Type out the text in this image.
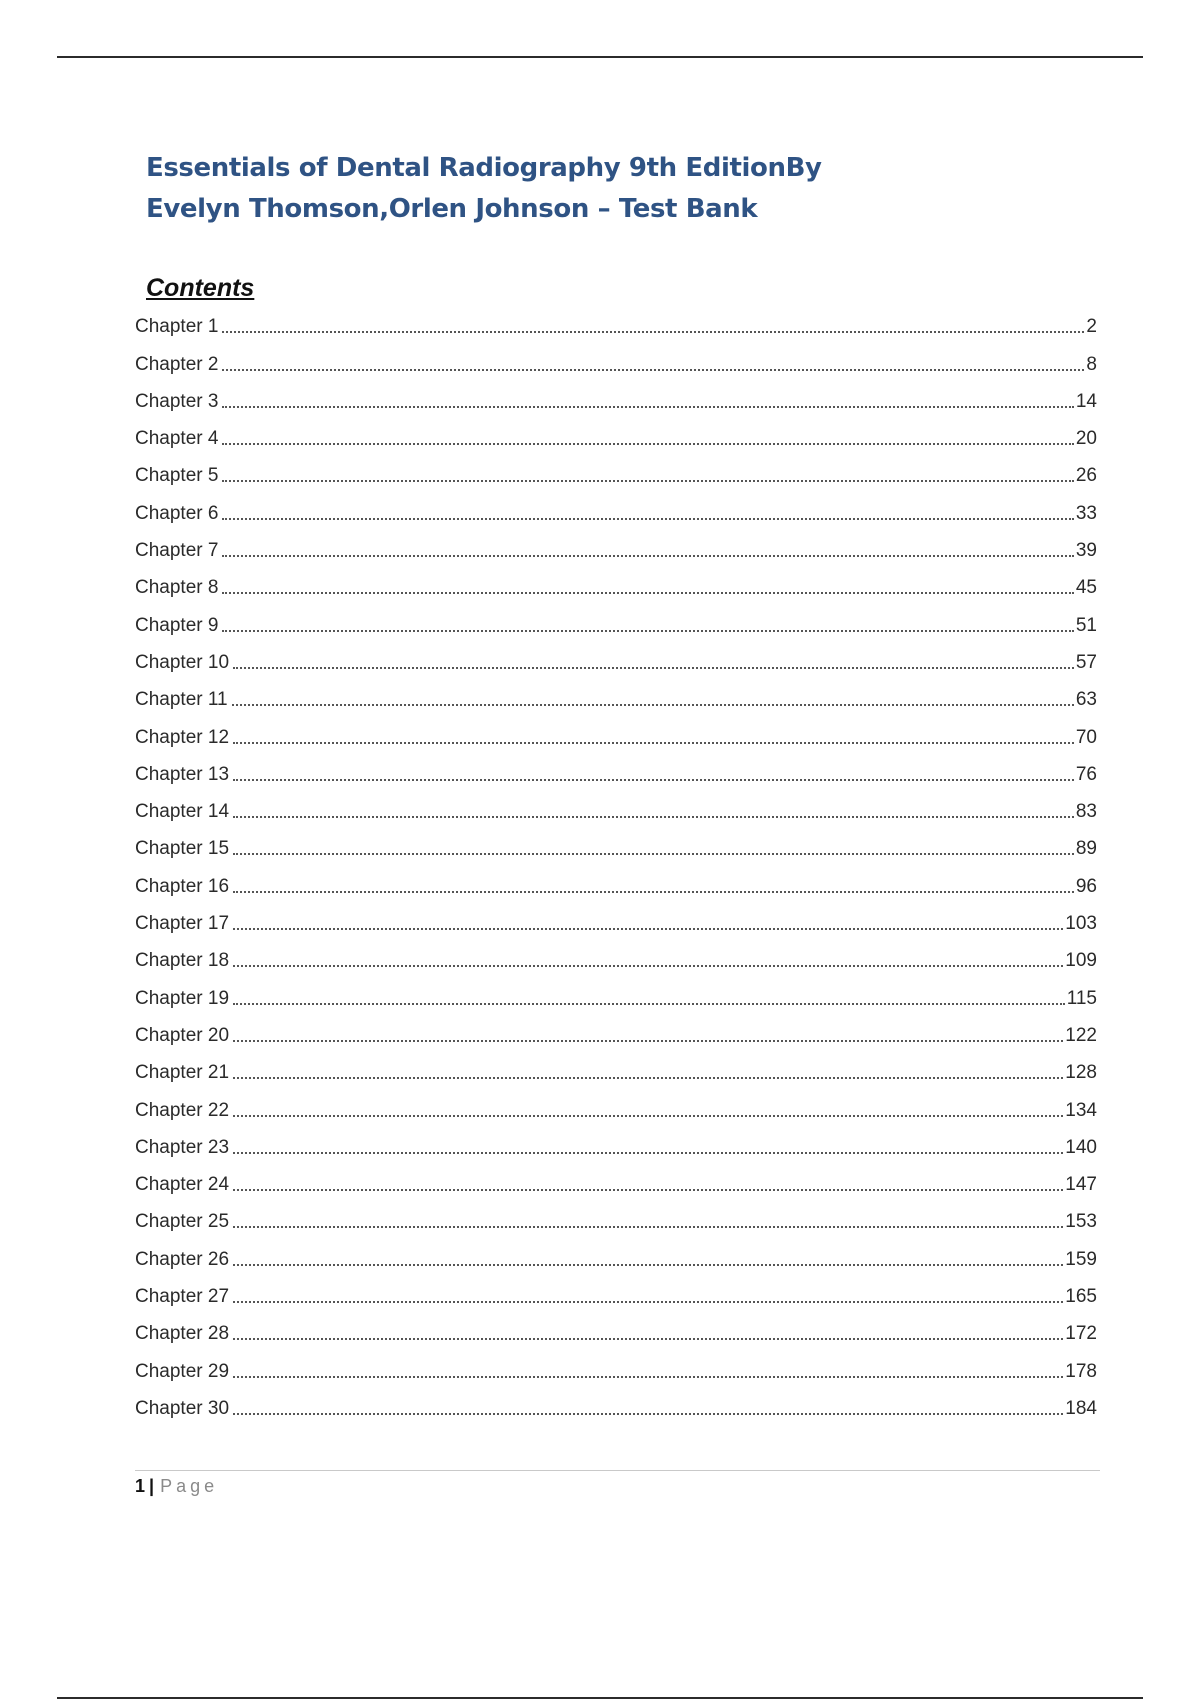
Essentials of Dental Radiography 9th EditionBy Evelyn Thomson,Orlen Johnson – Test Bank
Contents
Chapter 1	2
Chapter 2	8
Chapter 3	14
Chapter 4	20
Chapter 5	26
Chapter 6	33
Chapter 7	39
Chapter 8	45
Chapter 9	51
Chapter 10	57
Chapter 11	63
Chapter 12	70
Chapter 13	76
Chapter 14	83
Chapter 15	89
Chapter 16	96
Chapter 17	103
Chapter 18	109
Chapter 19	115
Chapter 20	122
Chapter 21	128
Chapter 22	134
Chapter 23	140
Chapter 24	147
Chapter 25	153
Chapter 26	159
Chapter 27	165
Chapter 28	172
Chapter 29	178
Chapter 30	184
1 | Page
